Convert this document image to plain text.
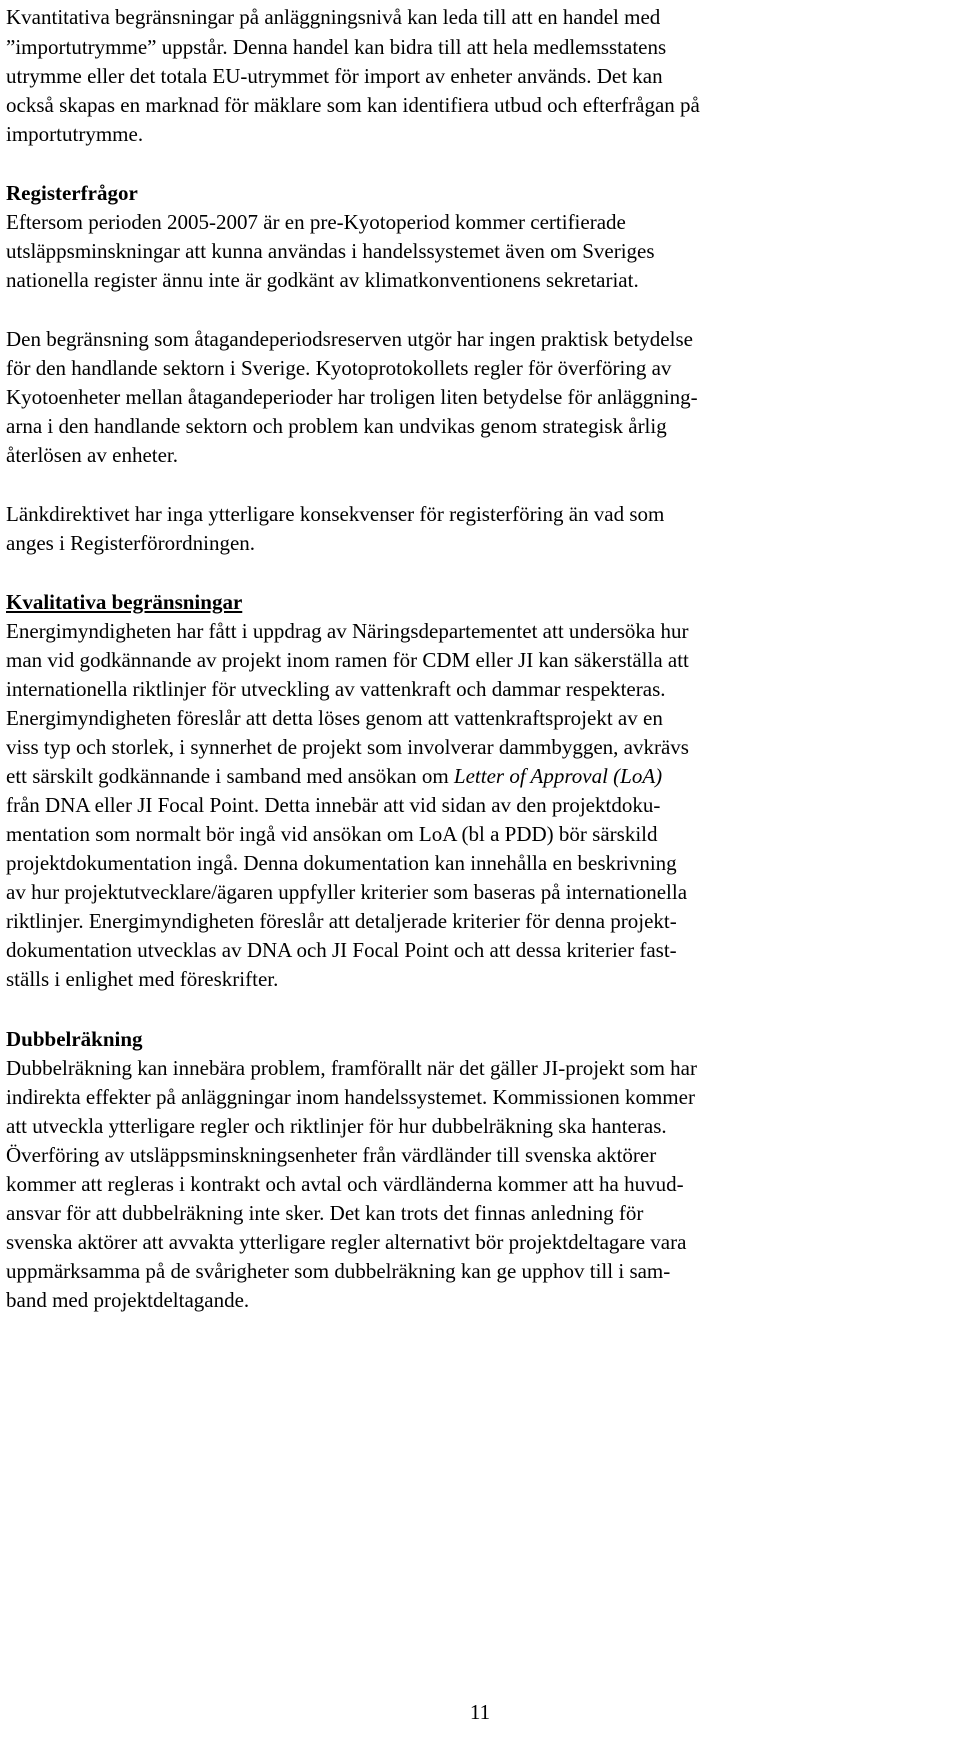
Kvantitativa begränsningar på anläggningsnivå kan leda till att en handel med
”importutrymme” uppstår. Denna handel kan bidra till att hela medlemsstatens
utrymme eller det totala EU-utrymmet för import av enheter används. Det kan
också skapas en marknad för mäklare som kan identifiera utbud och efterfrågan på
importutrymme.
Registerfrågor
Eftersom perioden 2005-2007 är en pre-Kyotoperiod kommer certifierade
utsläppsminskningar att kunna användas i handelssystemet även om Sveriges
nationella register ännu inte är godkänt av klimatkonventionens sekretariat.
Den begränsning som åtagandeperiodsreserven utgör har ingen praktisk betydelse
för den handlande sektorn i Sverige. Kyotoprotokollets regler för överföring av
Kyotoenheter mellan åtagandeperioder har troligen liten betydelse för anläggning-
arna i den handlande sektorn och problem kan undvikas genom strategisk årlig
återlösen av enheter.
Länkdirektivet har inga ytterligare konsekvenser för registerföring än vad som
anges i Registerförordningen.
Kvalitativa begränsningar
Energimyndigheten har fått i uppdrag av Näringsdepartementet att undersöka hur
man vid godkännande av projekt inom ramen för CDM eller JI kan säkerställa att
internationella riktlinjer för utveckling av vattenkraft och dammar respekteras.
Energimyndigheten föreslår att detta löses genom att vattenkraftsprojekt av en
viss typ och storlek, i synnerhet de projekt som involverar dammbyggen, avkrävs
ett särskilt godkännande i samband med ansökan om Letter of Approval (LoA)
från DNA eller JI Focal Point. Detta innebär att vid sidan av den projektdoku-
mentation som normalt bör ingå vid ansökan om LoA (bl a PDD) bör särskild
projektdokumentation ingå. Denna dokumentation kan innehålla en beskrivning
av hur projektutvecklare/ägaren uppfyller kriterier som baseras på internationella
riktlinjer. Energimyndigheten föreslår att detaljerade kriterier för denna projekt-
dokumentation utvecklas av DNA och JI Focal Point och att dessa kriterier fast-
ställs i enlighet med föreskrifter.
Dubbelräkning
Dubbelräkning kan innebära problem, framförallt när det gäller JI-projekt som har
indirekta effekter på anläggningar inom handelssystemet. Kommissionen kommer
att utveckla ytterligare regler och riktlinjer för hur dubbelräkning ska hanteras.
Överföring av utsläppsminskningsenheter från värdländer till svenska aktörer
kommer att regleras i kontrakt och avtal och värdländerna kommer att ha huvud-
ansvar för att dubbelräkning inte sker. Det kan trots det finnas anledning för
svenska aktörer att avvakta ytterligare regler alternativt bör projektdeltagare vara
uppmärksamma på de svårigheter som dubbelräkning kan ge upphov till i sam-
band med projektdeltagande.
11
